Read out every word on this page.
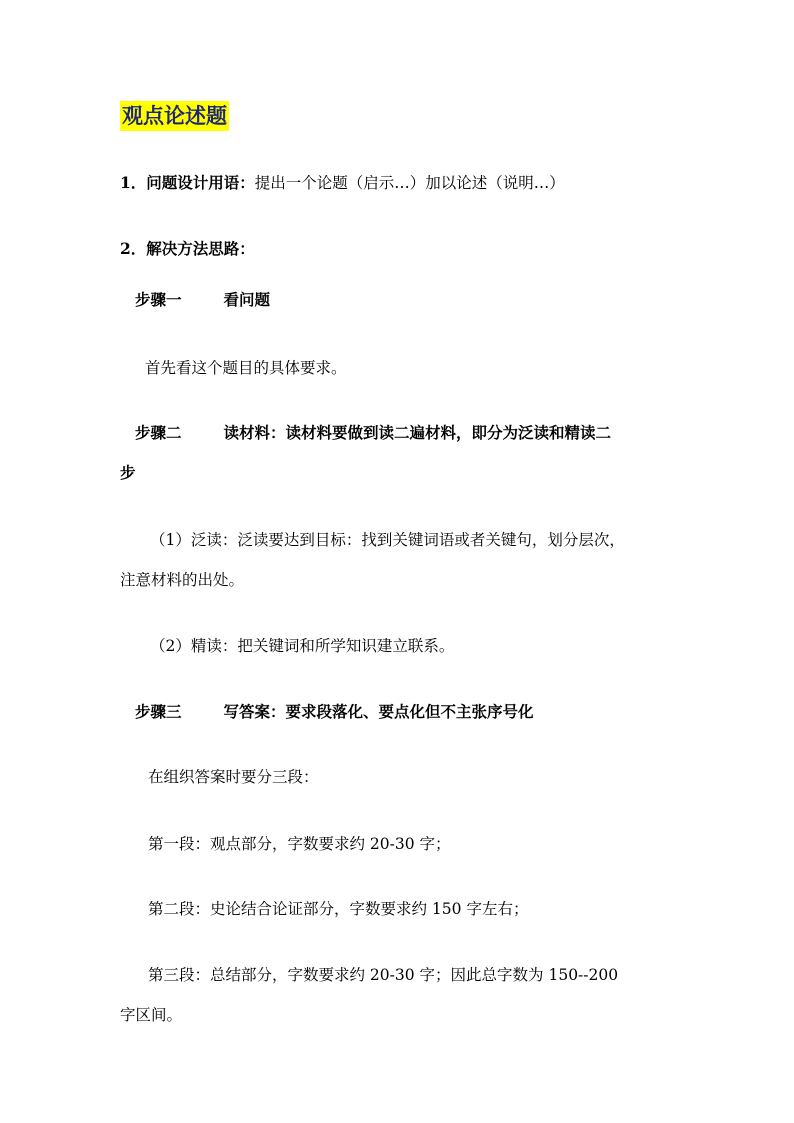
观点论述题
1．问题设计用语：提出一个论题（启示…）加以论述（说明…）
2．解决方法思路：
步骤一	看问题
首先看这个题目的具体要求。
步骤二	读材料：读材料要做到读二遍材料，即分为泛读和精读二
步
（1）泛读：泛读要达到目标：找到关键词语或者关键句，划分层次，
注意材料的出处。
（2）精读：把关键词和所学知识建立联系。
步骤三	写答案：要求段落化、要点化但不主张序号化
在组织答案时要分三段：
第一段：观点部分，字数要求约 20-30 字；
第二段：史论结合论证部分，字数要求约 150 字左右；
第三段：总结部分，字数要求约 20-30 字；因此总字数为 150--200
字区间。
